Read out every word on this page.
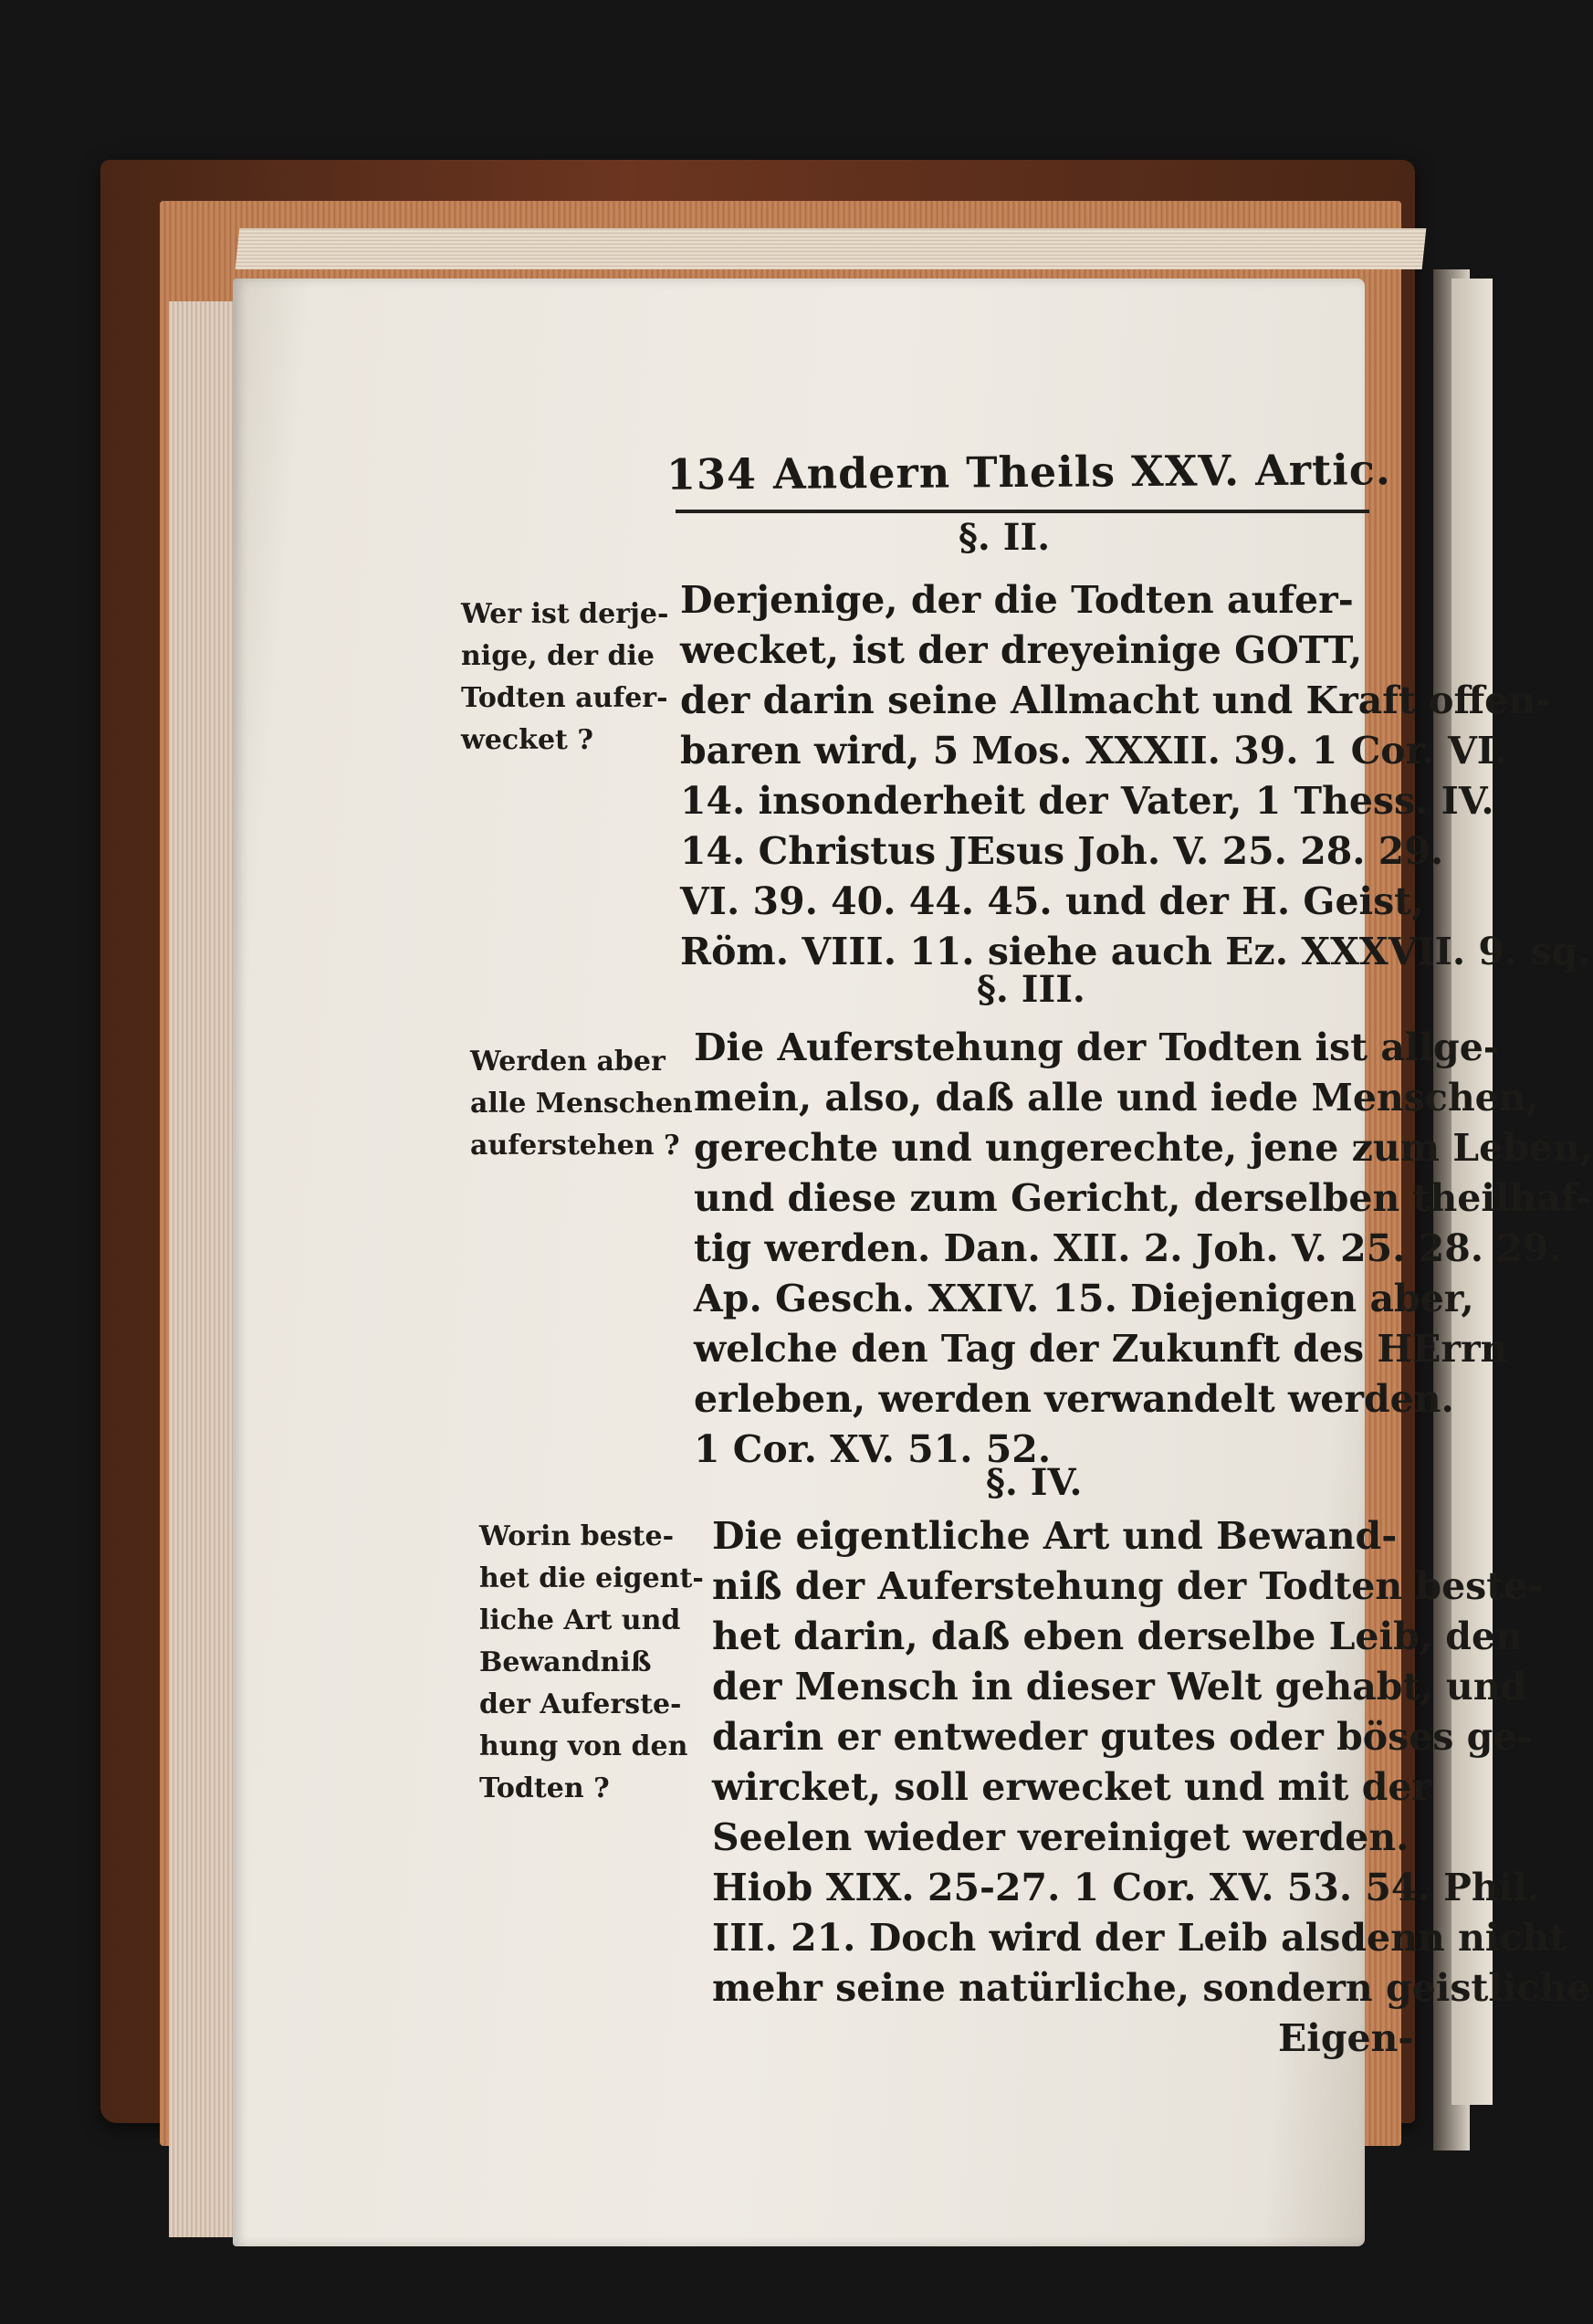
134 Andern Theils XXV. Artic.
§. II.
Wer ist derje-
nige, der die
Todten aufer-
wecket ?
Derjenige, der die Todten aufer-
wecket, ist der dreyeinige GOTT,
der darin seine Allmacht und Kraft offen-
baren wird, 5 Mos. XXXII. 39. 1 Cor. VI.
14. insonderheit der Vater, 1 Thess. IV.
14. Christus JEsus Joh. V. 25. 28. 29.
VI. 39. 40. 44. 45. und der H. Geist,
Röm. VIII. 11. siehe auch Ez. XXXVII. 9. sq.
§. III.
Werden aber
alle Menschen
auferstehen ?
Die Auferstehung der Todten ist allge-
mein, also, daß alle und iede Menschen,
gerechte und ungerechte, jene zum Leben,
und diese zum Gericht, derselben theilhaf-
tig werden. Dan. XII. 2. Joh. V. 25. 28. 29.
Ap. Gesch. XXIV. 15. Diejenigen aber,
welche den Tag der Zukunft des HErrn
erleben, werden verwandelt werden.
1 Cor. XV. 51. 52.
§. IV.
Worin beste-
het die eigent-
liche Art und
Bewandniß
der Auferste-
hung von den
Todten ?
Die eigentliche Art und Bewand-
niß der Auferstehung der Todten beste-
het darin, daß eben derselbe Leib, den
der Mensch in dieser Welt gehabt, und
darin er entweder gutes oder böses ge-
wircket, soll erwecket und mit der
Seelen wieder vereiniget werden.
Hiob XIX. 25-27. 1 Cor. XV. 53. 54. Phil.
III. 21. Doch wird der Leib alsdenn nicht
mehr seine natürliche, sondern geistliche
Eigen-
